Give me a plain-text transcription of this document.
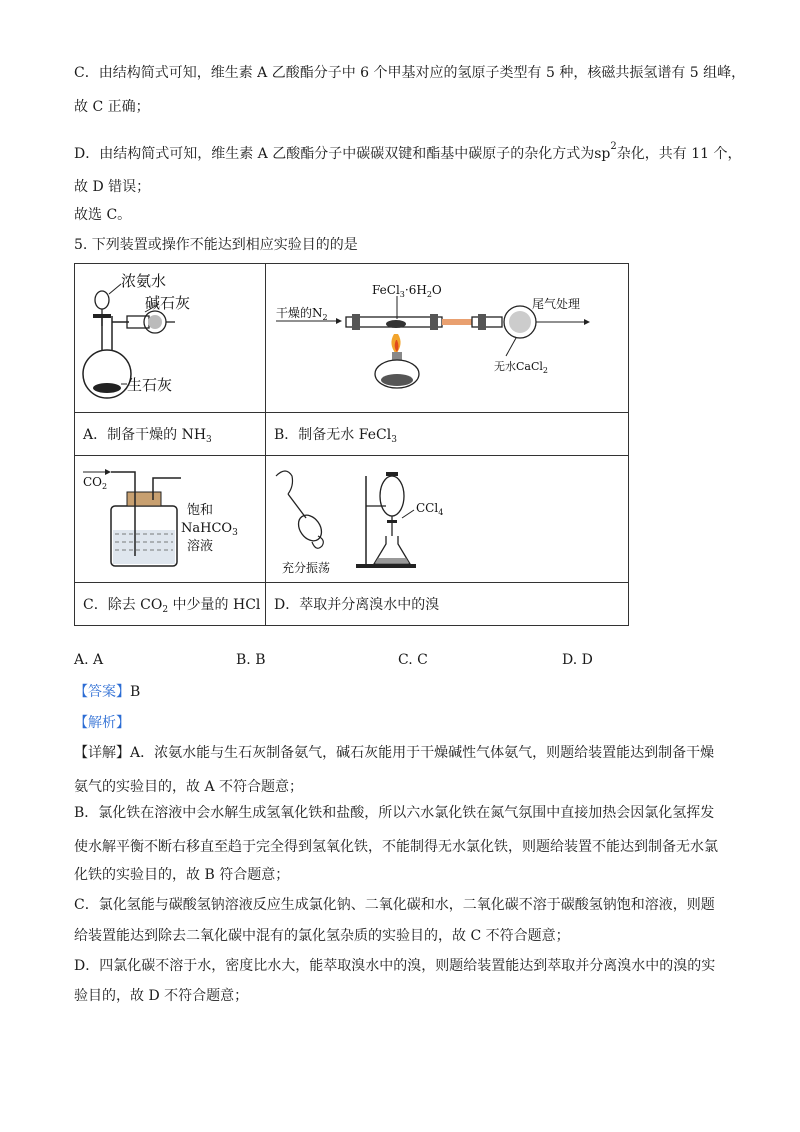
C．由结构简式可知，维生素 A 乙酸酯分子中 6 个甲基对应的氢原子类型有 5 种，核磁共振氢谱有 5 组峰，
故 C 正确；
D．由结构简式可知，维生素 A 乙酸酯分子中碳碳双键和酯基中碳原子的杂化方式为$sp^2$杂化，共有 11 个，
故 D 错误；
故选 C。
5. 下列装置或操作不能达到相应实验目的的是
浓氨水
碱石灰
生石灰	干燥的$N_2$
$FeCl_3\cdot 6H_2O$
尾气处理
无水CaCl$_2$

A．制备干燥的 $NH_3$	B．制备无水 FeCl$_3$

$CO_2$
饱和
NaHCO$_3$
溶液	充分振荡
CCl$_4$

C．除去 $CO_2$ 中少量的 HCl	D．萃取并分离溴水中的溴
A. A	B. B	C. C	D. D
【答案】B
【解析】
【详解】A．浓氨水能与生石灰制备氨气，碱石灰能用于干燥碱性气体氨气，则题给装置能达到制备干燥
氨气的实验目的，故 A 不符合题意；
B．氯化铁在溶液中会水解生成氢氧化铁和盐酸，所以六水氯化铁在氮气氛围中直接加热会因氯化氢挥发
使水解平衡不断右移直至趋于完全得到氢氧化铁，不能制得无水氯化铁，则题给装置不能达到制备无水氯
化铁的实验目的，故 B 符合题意；
C．氯化氢能与碳酸氢钠溶液反应生成氯化钠、二氧化碳和水，二氧化碳不溶于碳酸氢钠饱和溶液，则题
给装置能达到除去二氧化碳中混有的氯化氢杂质的实验目的，故 C 不符合题意；
D．四氯化碳不溶于水，密度比水大，能萃取溴水中的溴，则题给装置能达到萃取并分离溴水中的溴的实
验目的，故 D 不符合题意；
